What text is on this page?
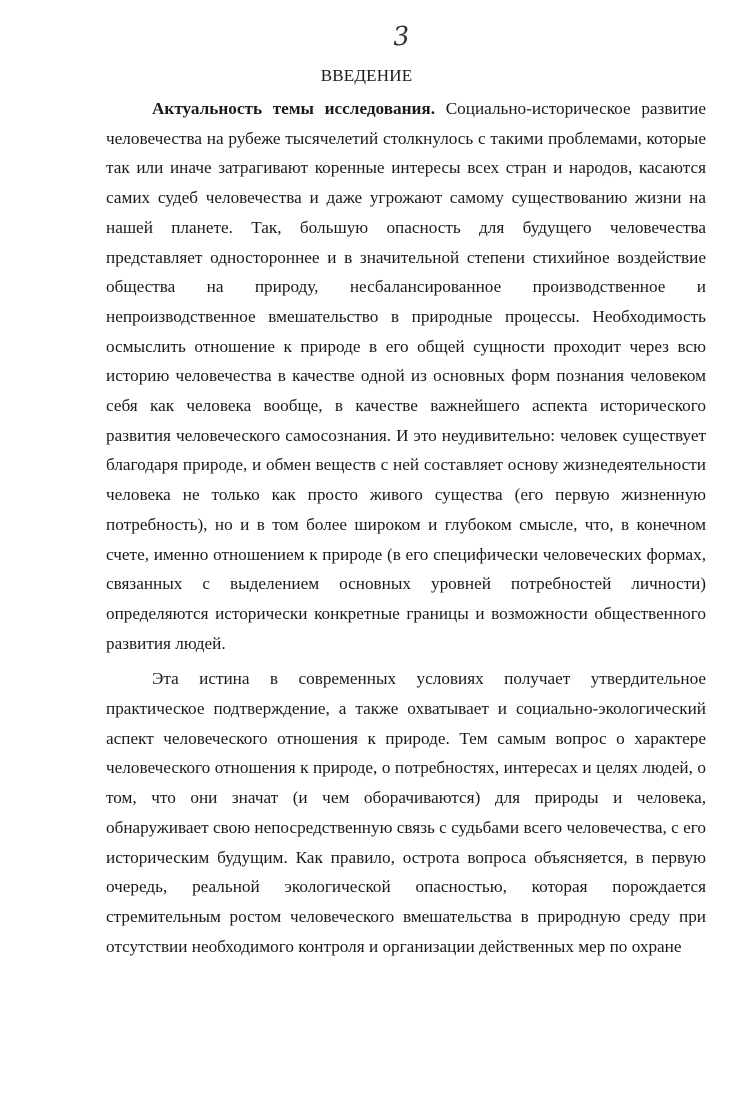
3
ВВЕДЕНИЕ

Актуальность темы исследования. Социально-историческое развитие человечества на рубеже тысячелетий столкнулось с такими проблемами, которые так или иначе затрагивают коренные интересы всех стран и народов, касаются самих судеб человечества и даже угрожают самому существованию жизни на нашей планете. Так, большую опасность для будущего человечества представляет одностороннее и в значительной степени стихийное воздействие общества на природу, несбалансированное производственное и непроизводственное вмешательство в природные процессы. Необходимость осмыслить отношение к природе в его общей сущности проходит через всю историю человечества в качестве одной из основных форм познания человеком себя как человека вообще, в качестве важнейшего аспекта исторического развития человеческого самосознания. И это неудивительно: человек существует благодаря природе, и обмен веществ с ней составляет основу жизнедеятельности человека не только как просто живого существа (его первую жизненную потребность), но и в том более широком и глубоком смысле, что, в конечном счете, именно отношением к природе (в его специфически человеческих формах, связанных с выделением основных уровней потребностей личности) определяются исторически конкретные границы и возможности общественного развития людей.

Эта истина в современных условиях получает утвердительное практическое подтверждение, а также охватывает и социально-экологический аспект человеческого отношения к природе. Тем самым вопрос о характере человеческого отношения к природе, о потребностях, интересах и целях людей, о том, что они значат (и чем оборачиваются) для природы и человека, обнаруживает свою непосредственную связь с судьбами всего человечества, с его историческим будущим. Как правило, острота вопроса объясняется, в первую очередь, реальной экологической опасностью, которая порождается стремительным ростом человеческого вмешательства в природную среду при отсутствии необходимого контроля и организации действенных мер по охране
